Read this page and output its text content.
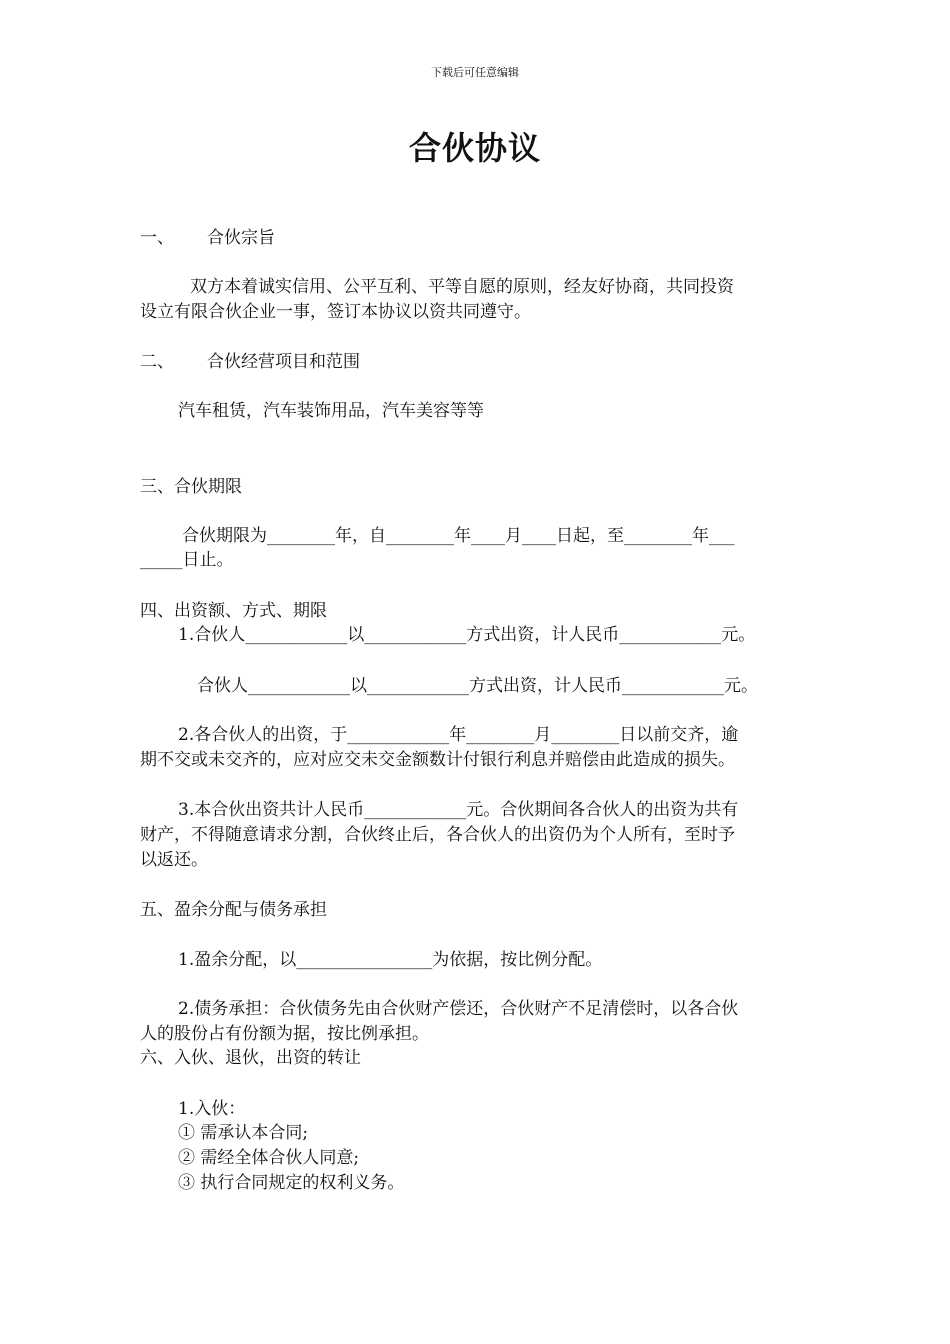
下载后可任意编辑
合伙协议
一、 合伙宗旨
双方本着诚实信用、公平互利、平等自愿的原则，经友好协商，共同投资
设立有限合伙企业一事，签订本协议以资共同遵守。
二、 合伙经营项目和范围
汽车租赁，汽车装饰用品，汽车美容等等
三、合伙期限
合伙期限为________年，自________年____月____日起，至________年___
_____日止。
四、出资额、方式、期限
1.合伙人____________以____________方式出资，计人民币____________元。
合伙人____________以____________方式出资，计人民币____________元。
2.各合伙人的出资，于____________年________月________日以前交齐，逾
期不交或未交齐的，应对应交未交金额数计付银行利息并赔偿由此造成的损失。
3.本合伙出资共计人民币____________元。合伙期间各合伙人的出资为共有
财产，不得随意请求分割，合伙终止后，各合伙人的出资仍为个人所有，至时予
以返还。
五、盈余分配与债务承担
1.盈余分配，以________________为依据，按比例分配。
2.债务承担：合伙债务先由合伙财产偿还，合伙财产不足清偿时，以各合伙
人的股份占有份额为据，按比例承担。
六、入伙、退伙，出资的转让
1.入伙：
① 需承认本合同;
② 需经全体合伙人同意;
③ 执行合同规定的权利义务。
